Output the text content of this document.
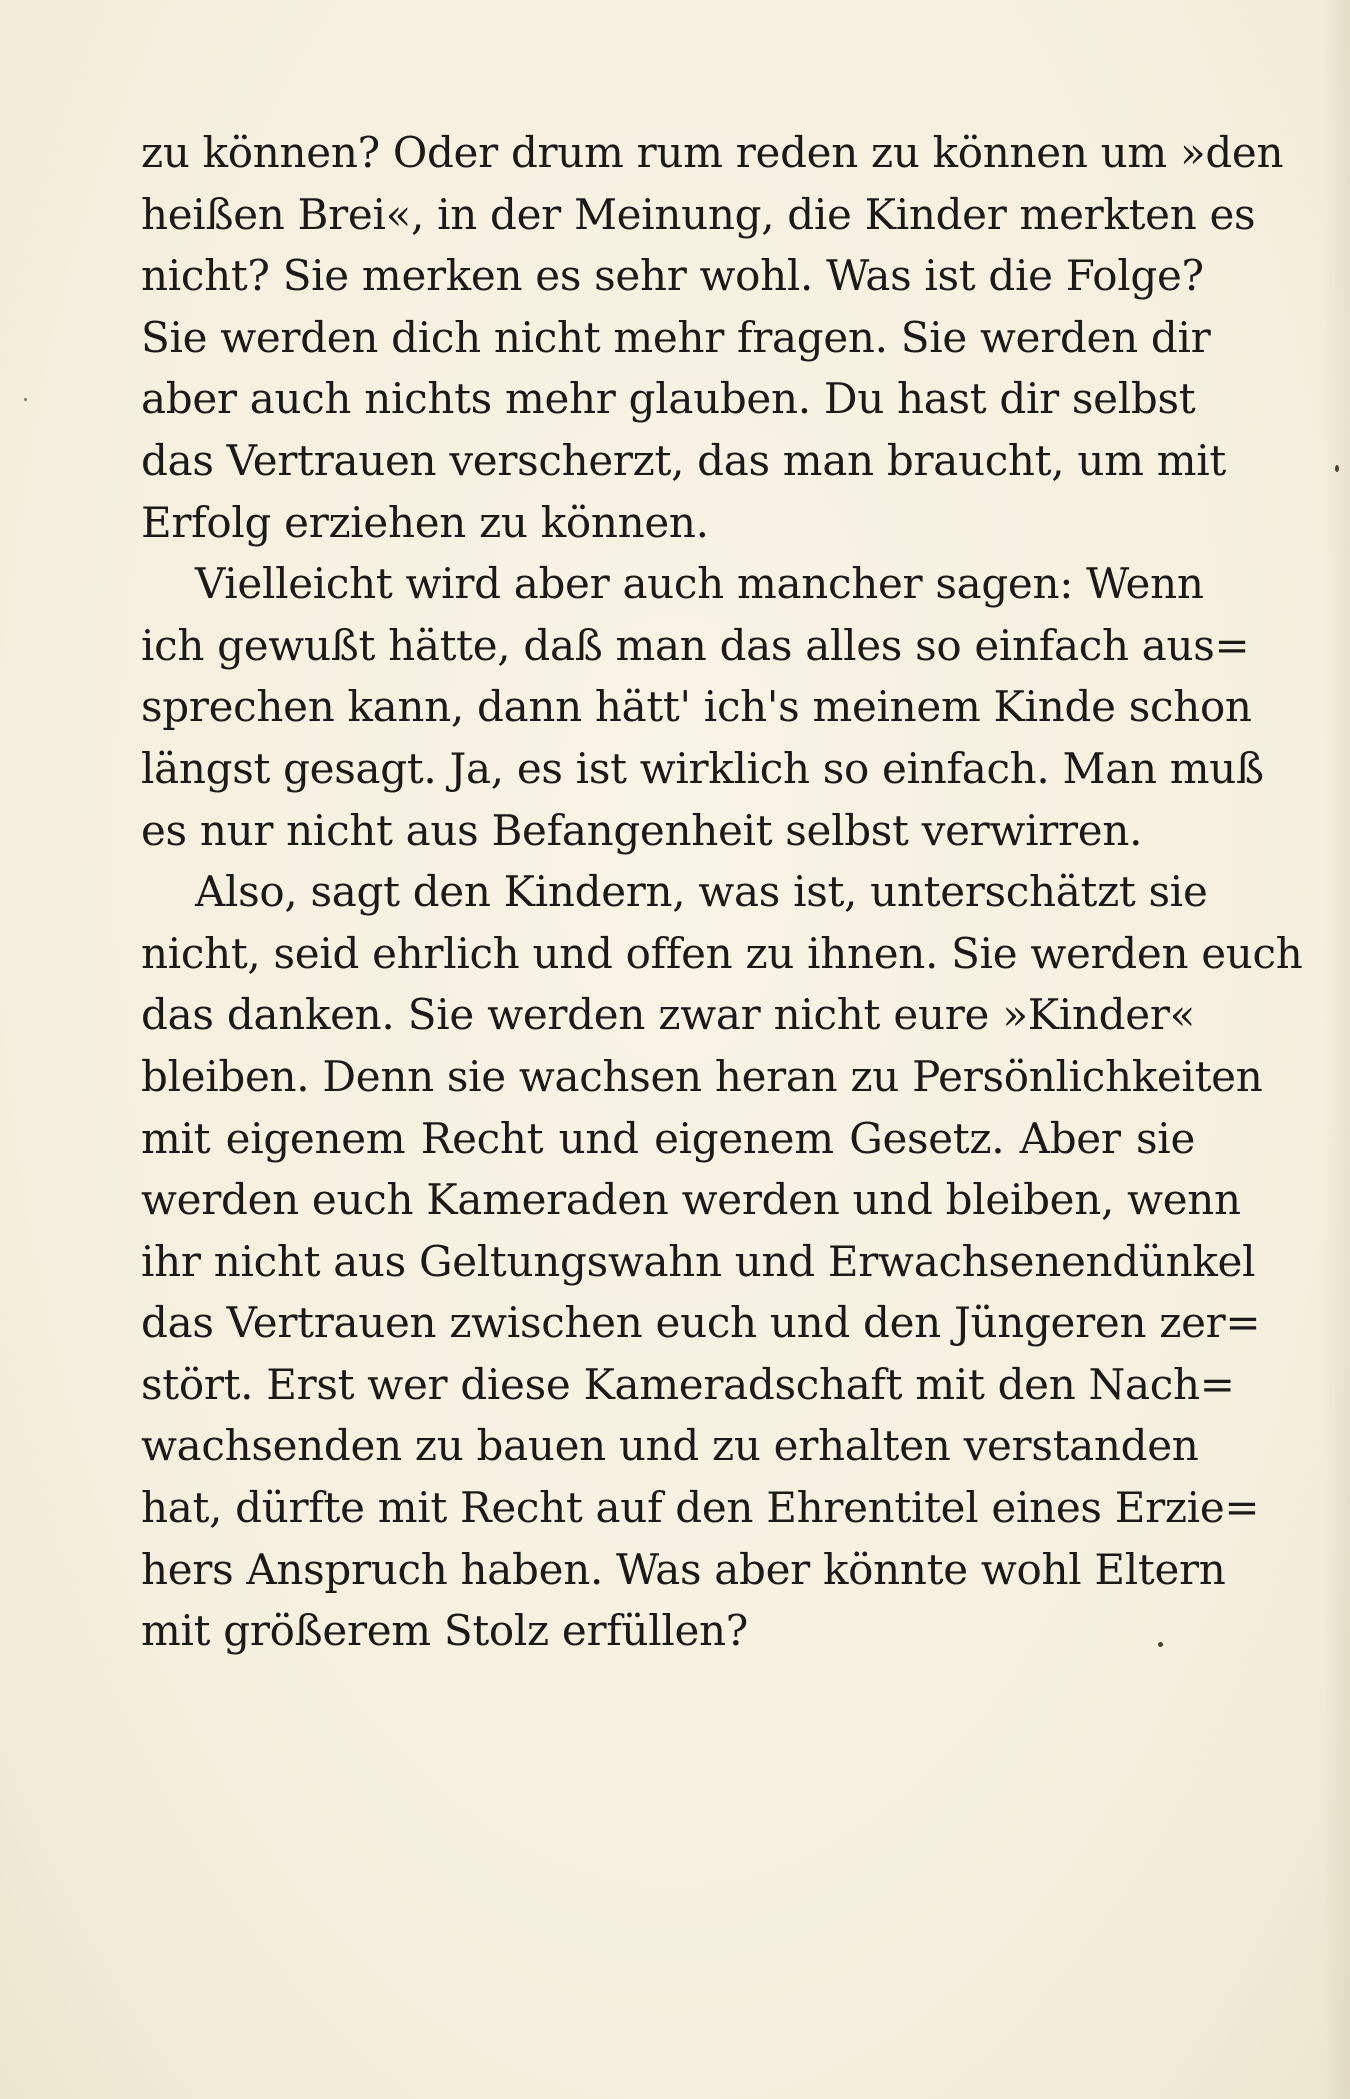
zu können? Oder drum rum reden zu können um »den
heißen Brei«, in der Meinung, die Kinder merkten es
nicht? Sie merken es sehr wohl. Was ist die Folge?
Sie werden dich nicht mehr fragen. Sie werden dir
aber auch nichts mehr glauben. Du hast dir selbst
das Vertrauen verscherzt, das man braucht, um mit
Erfolg erziehen zu können.
Vielleicht wird aber auch mancher sagen: Wenn
ich gewußt hätte, daß man das alles so einfach aus=
sprechen kann, dann hätt' ich's meinem Kinde schon
längst gesagt. Ja, es ist wirklich so einfach. Man muß
es nur nicht aus Befangenheit selbst verwirren.
Also, sagt den Kindern, was ist, unterschätzt sie
nicht, seid ehrlich und offen zu ihnen. Sie werden euch
das danken. Sie werden zwar nicht eure »Kinder«
bleiben. Denn sie wachsen heran zu Persönlichkeiten
mit eigenem Recht und eigenem Gesetz. Aber sie
werden euch Kameraden werden und bleiben, wenn
ihr nicht aus Geltungswahn und Erwachsenendünkel
das Vertrauen zwischen euch und den Jüngeren zer=
stört. Erst wer diese Kameradschaft mit den Nach=
wachsenden zu bauen und zu erhalten verstanden
hat, dürfte mit Recht auf den Ehrentitel eines Erzie=
hers Anspruch haben. Was aber könnte wohl Eltern
mit größerem Stolz erfüllen?
